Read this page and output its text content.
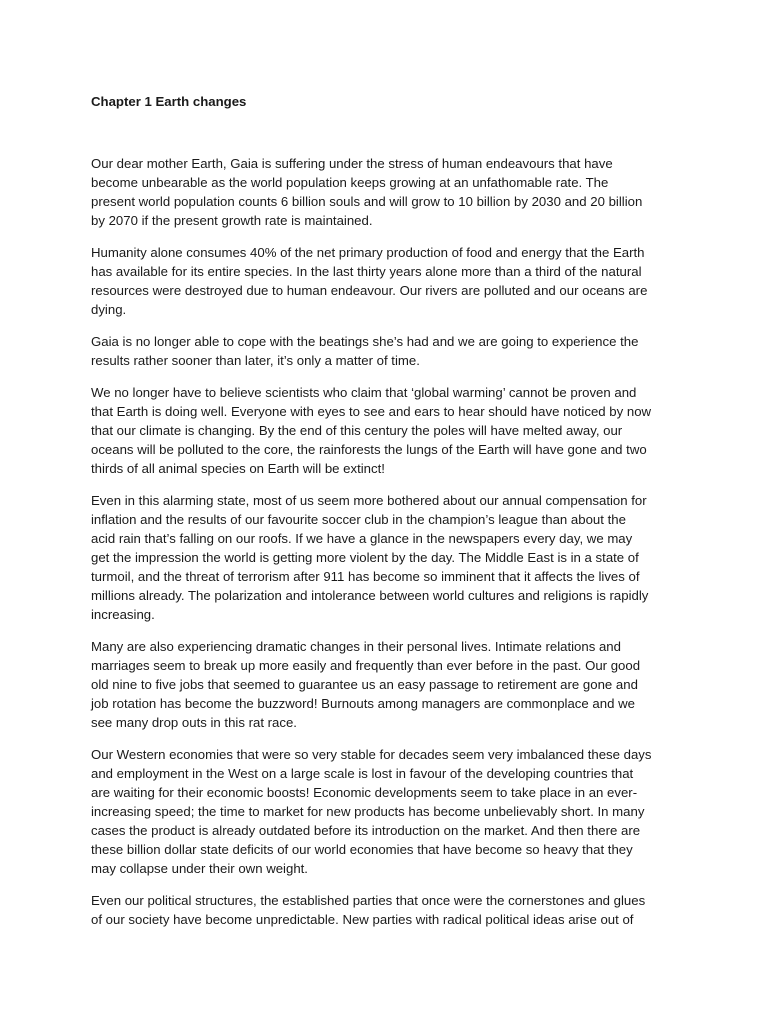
Chapter 1 Earth changes

Our dear mother Earth, Gaia is suffering under the stress of human endeavours that have
become unbearable as the world population keeps growing at an unfathomable rate. The
present world population counts 6 billion souls and will grow to 10 billion by 2030 and 20 billion
by 2070 if the present growth rate is maintained.

Humanity alone consumes 40% of the net primary production of food and energy that the Earth
has available for its entire species. In the last thirty years alone more than a third of the natural
resources were destroyed due to human endeavour. Our rivers are polluted and our oceans are
dying.

Gaia is no longer able to cope with the beatings she’s had and we are going to experience the
results rather sooner than later, it’s only a matter of time.

We no longer have to believe scientists who claim that ‘global warming’ cannot be proven and
that Earth is doing well. Everyone with eyes to see and ears to hear should have noticed by now
that our climate is changing. By the end of this century the poles will have melted away, our
oceans will be polluted to the core, the rainforests the lungs of the Earth will have gone and two
thirds of all animal species on Earth will be extinct!

Even in this alarming state, most of us seem more bothered about our annual compensation for
inflation and the results of our favourite soccer club in the champion’s league than about the
acid rain that’s falling on our roofs. If we have a glance in the newspapers every day, we may
get the impression the world is getting more violent by the day. The Middle East is in a state of
turmoil, and the threat of terrorism after 911 has become so imminent that it affects the lives of
millions already. The polarization and intolerance between world cultures and religions is rapidly
increasing.

Many are also experiencing dramatic changes in their personal lives. Intimate relations and
marriages seem to break up more easily and frequently than ever before in the past. Our good
old nine to five jobs that seemed to guarantee us an easy passage to retirement are gone and
job rotation has become the buzzword! Burnouts among managers are commonplace and we
see many drop outs in this rat race.

Our Western economies that were so very stable for decades seem very imbalanced these days
and employment in the West on a large scale is lost in favour of the developing countries that
are waiting for their economic boosts! Economic developments seem to take place in an ever-
increasing speed; the time to market for new products has become unbelievably short. In many
cases the product is already outdated before its introduction on the market. And then there are
these billion dollar state deficits of our world economies that have become so heavy that they
may collapse under their own weight.

Even our political structures, the established parties that once were the cornerstones and glues
of our society have become unpredictable. New parties with radical political ideas arise out of
